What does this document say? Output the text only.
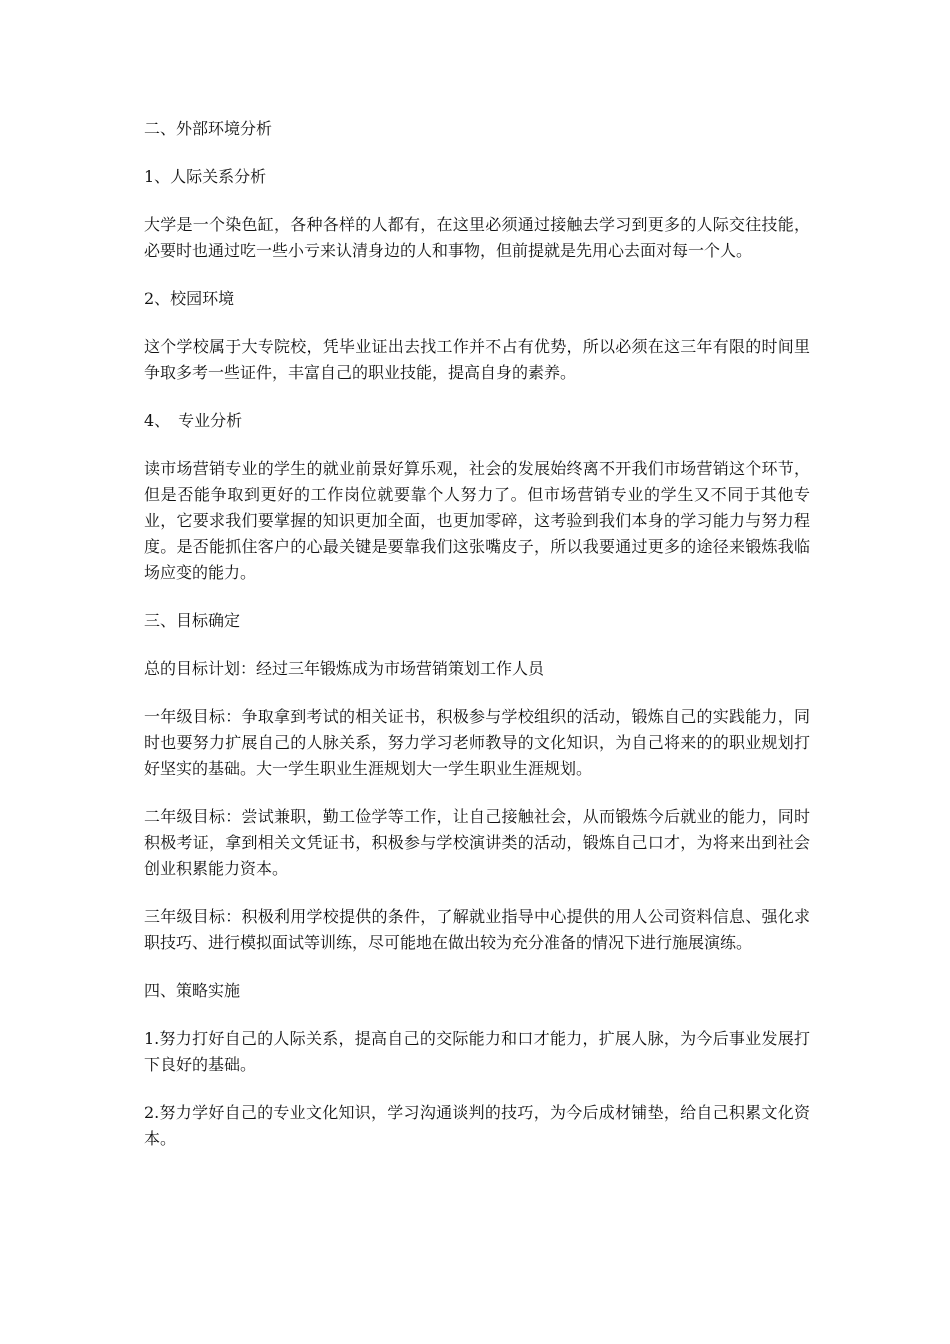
二、外部环境分析

1、人际关系分析

大学是一个染色缸，各种各样的人都有，在这里必须通过接触去学习到更多的人际交往技能，必要时也通过吃一些小亏来认清身边的人和事物，但前提就是先用心去面对每一个人。

2、校园环境

这个学校属于大专院校，凭毕业证出去找工作并不占有优势，所以必须在这三年有限的时间里争取多考一些证件，丰富自己的职业技能，提高自身的素养。

4、　专业分析

读市场营销专业的学生的就业前景好算乐观，社会的发展始终离不开我们市场营销这个环节，但是否能争取到更好的工作岗位就要靠个人努力了。但市场营销专业的学生又不同于其他专业，它要求我们要掌握的知识更加全面，也更加零碎，这考验到我们本身的学习能力与努力程度。是否能抓住客户的心最关键是要靠我们这张嘴皮子，所以我要通过更多的途径来锻炼我临场应变的能力。

三、目标确定

总的目标计划：经过三年锻炼成为市场营销策划工作人员

一年级目标：争取拿到考试的相关证书，积极参与学校组织的活动，锻炼自己的实践能力，同时也要努力扩展自己的人脉关系，努力学习老师教导的文化知识，为自己将来的的职业规划打好坚实的基础。大一学生职业生涯规划大一学生职业生涯规划。

二年级目标：尝试兼职，勤工俭学等工作，让自己接触社会，从而锻炼今后就业的能力，同时积极考证，拿到相关文凭证书，积极参与学校演讲类的活动，锻炼自己口才，为将来出到社会创业积累能力资本。

三年级目标：积极利用学校提供的条件，了解就业指导中心提供的用人公司资料信息、强化求职技巧、进行模拟面试等训练，尽可能地在做出较为充分准备的情况下进行施展演练。

四、策略实施

1.努力打好自己的人际关系，提高自己的交际能力和口才能力，扩展人脉，为今后事业发展打下良好的基础。

2.努力学好自己的专业文化知识，学习沟通谈判的技巧，为今后成材铺垫，给自己积累文化资本。
